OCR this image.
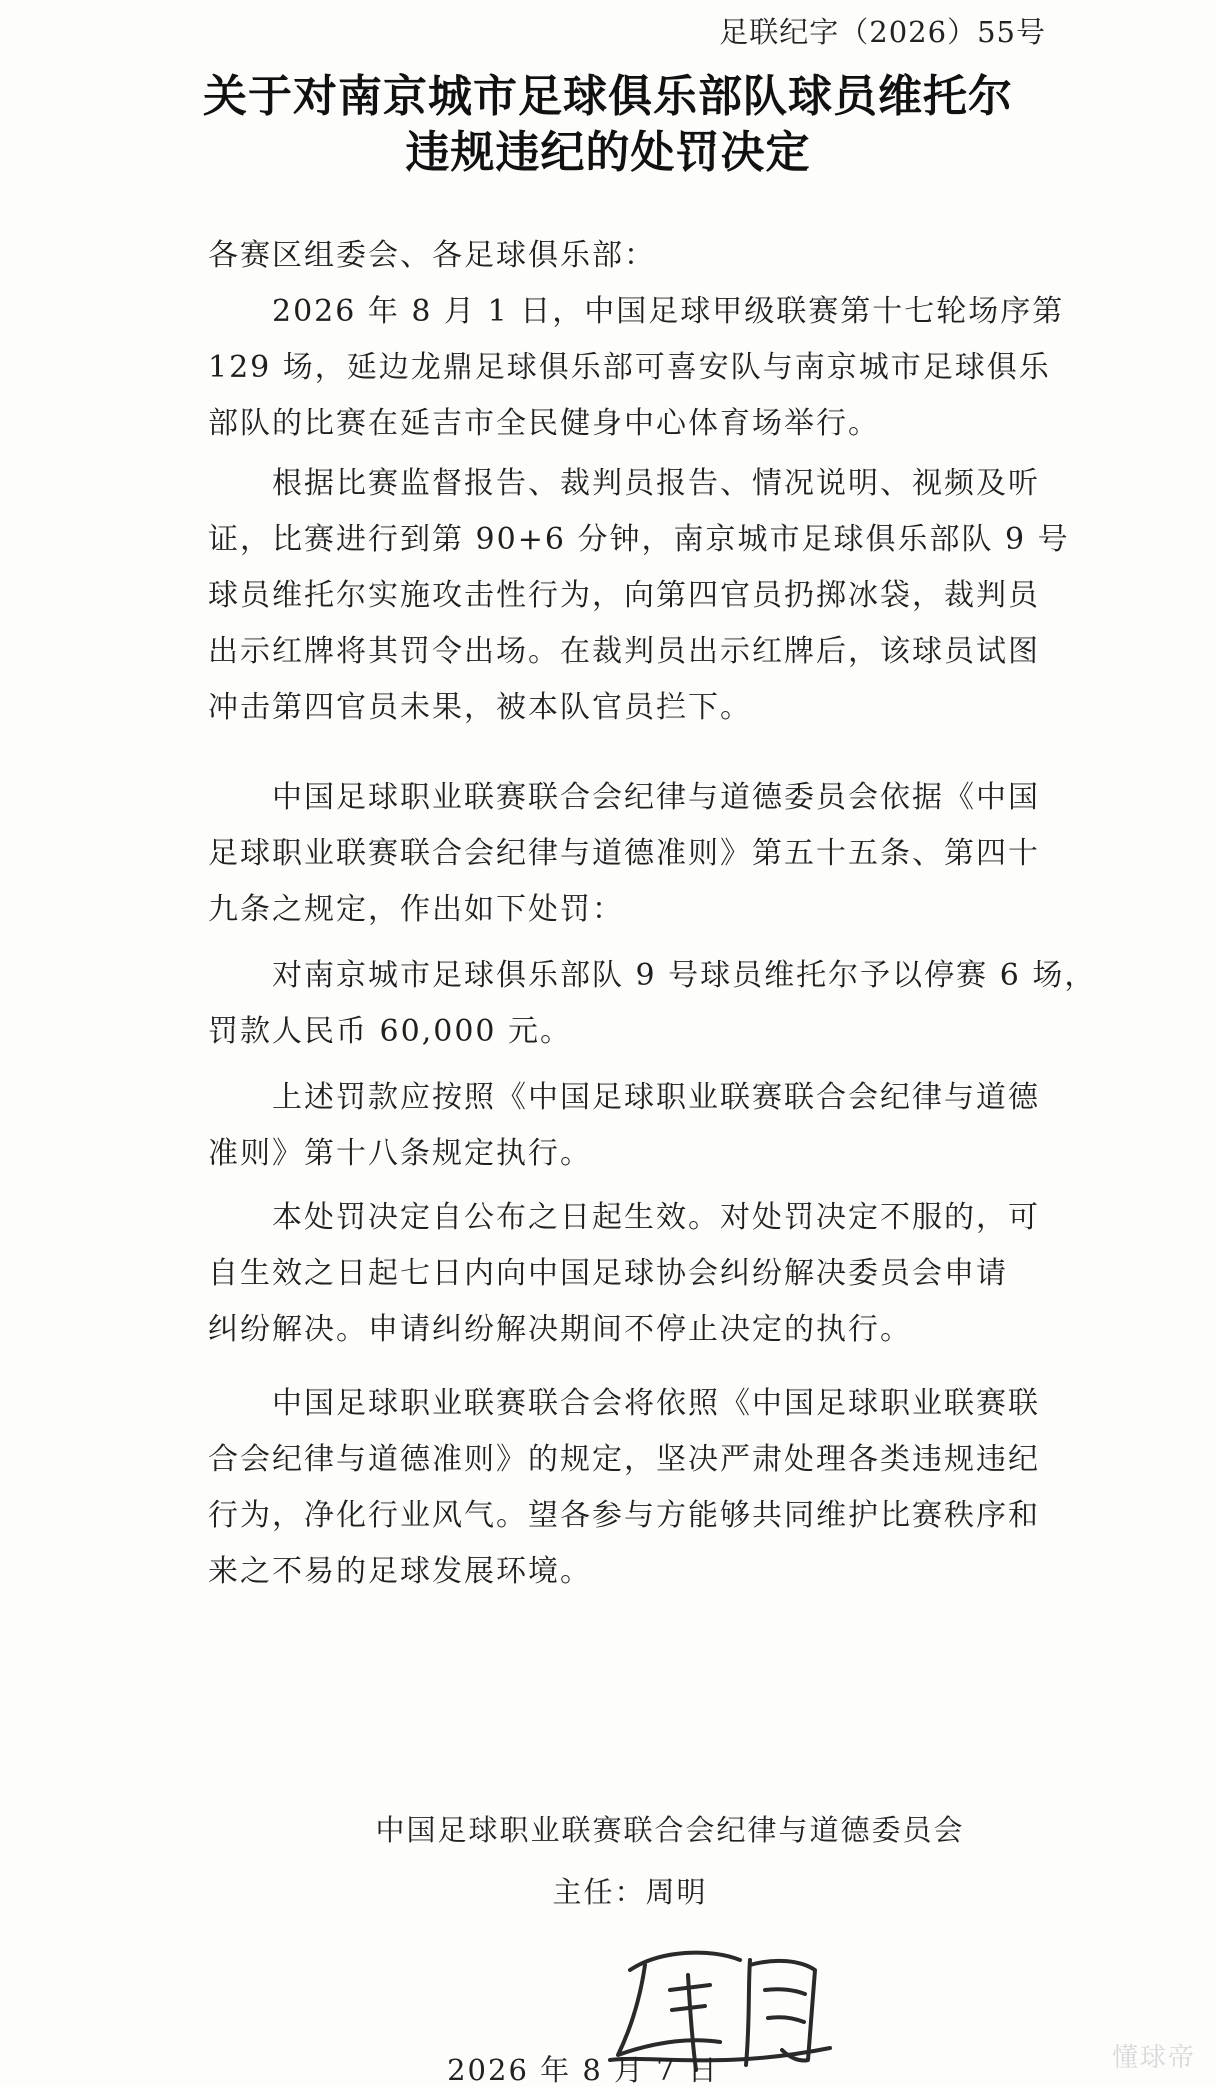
足联纪字（2026）55号
关于对南京城市足球俱乐部队球员维托尔
违规违纪的处罚决定
各赛区组委会、各足球俱乐部：
2026 年 8 月 1 日，中国足球甲级联赛第十七轮场序第
129 场，延边龙鼎足球俱乐部可喜安队与南京城市足球俱乐
部队的比赛在延吉市全民健身中心体育场举行。
根据比赛监督报告、裁判员报告、情况说明、视频及听
证，比赛进行到第 90+6 分钟，南京城市足球俱乐部队 9 号
球员维托尔实施攻击性行为，向第四官员扔掷冰袋，裁判员
出示红牌将其罚令出场。在裁判员出示红牌后，该球员试图
冲击第四官员未果，被本队官员拦下。
中国足球职业联赛联合会纪律与道德委员会依据《中国
足球职业联赛联合会纪律与道德准则》第五十五条、第四十
九条之规定，作出如下处罚：
对南京城市足球俱乐部队 9 号球员维托尔予以停赛 6 场，
罚款人民币 60,000 元。
上述罚款应按照《中国足球职业联赛联合会纪律与道德
准则》第十八条规定执行。
本处罚决定自公布之日起生效。对处罚决定不服的，可
自生效之日起七日内向中国足球协会纠纷解决委员会申请
纠纷解决。申请纠纷解决期间不停止决定的执行。
中国足球职业联赛联合会将依照《中国足球职业联赛联
合会纪律与道德准则》的规定，坚决严肃处理各类违规违纪
行为，净化行业风气。望各参与方能够共同维护比赛秩序和
来之不易的足球发展环境。
中国足球职业联赛联合会纪律与道德委员会
主任：周明
2026 年 8 月 7 日	懂球帝
